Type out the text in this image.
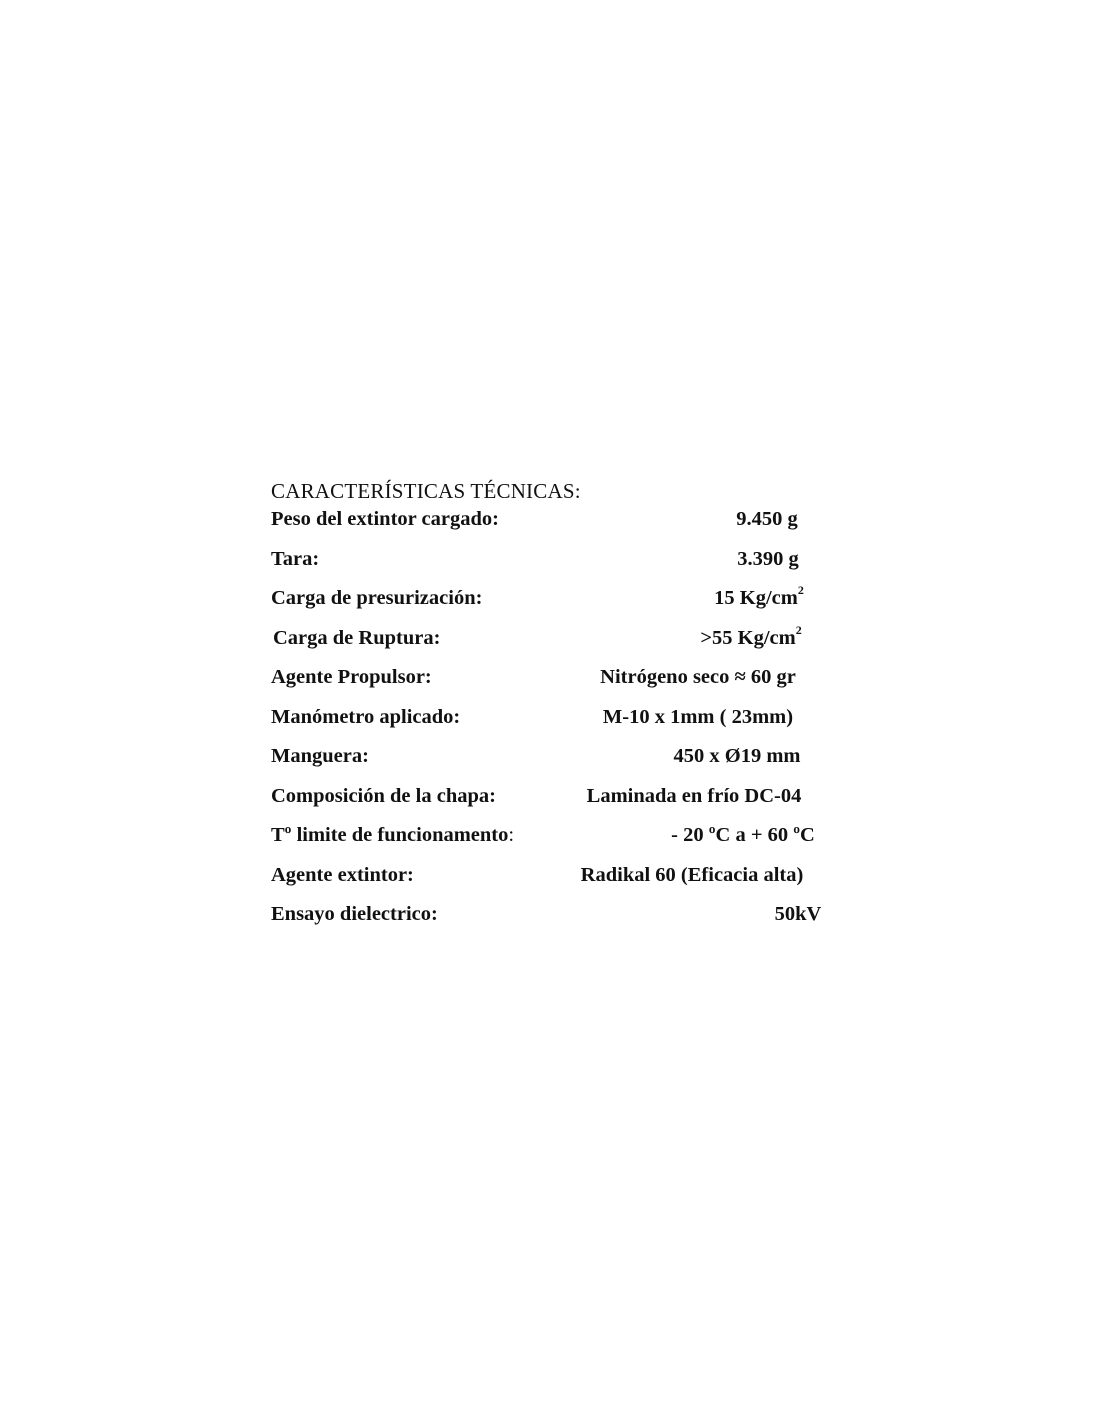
CARACTERÍSTICAS TÉCNICAS:
Peso del extintor cargado:	9.450 g
Tara:	3.390 g
Carga de presurización:	15 $Kg/cm^2$
Carga de Ruptura:	>55 $Kg/cm^2$
Agente Propulsor:	Nitrógeno seco ≈ 60 gr
Manómetro aplicado:	M-10 x 1mm ( 23mm)
Manguera:	450 x Ø19 mm
Composición de la chapa:	Laminada en frío DC-04
Tº limite de funcionamento:	- 20 ºC a + 60 ºC
Agente extintor:	Radikal 60 (Eficacia alta)
Ensayo dielectrico:	50kV
